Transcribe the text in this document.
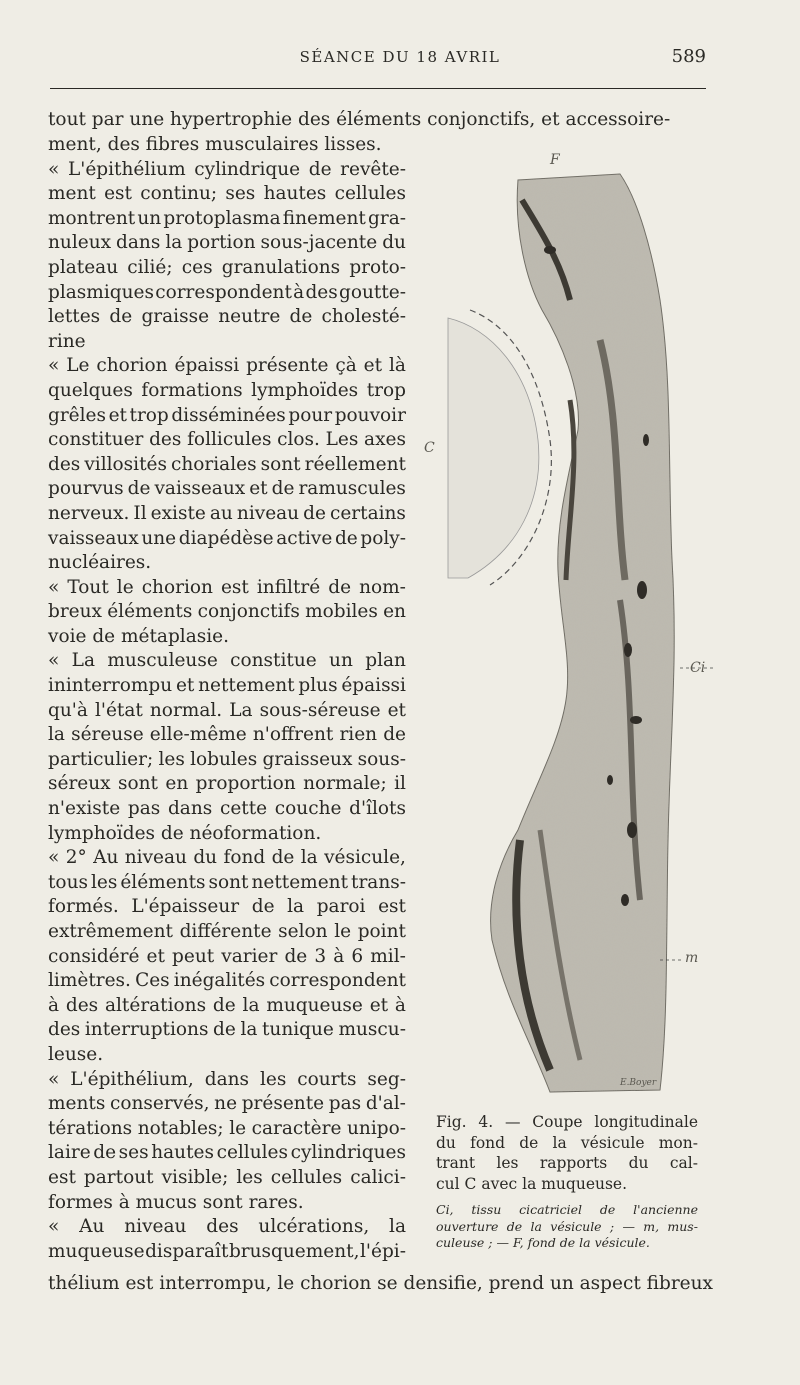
SÉANCE DU 18 AVRIL	589
tout par une hypertrophie des éléments conjonctifs, et accessoire-
ment, des fibres musculaires lisses.
« L'épithélium cylindrique de revête-
ment est continu; ses hautes cellules
montrent un protoplasma finement gra-
nuleux dans la portion sous-jacente du
plateau cilié; ces granulations proto-
plasmiques correspondent à des goutte-
lettes de graisse neutre de cholesté-
rine
« Le chorion épaissi présente çà et là
quelques formations lymphoïdes trop
grêles et trop disséminées pour pouvoir
constituer des follicules clos. Les axes
des villosités choriales sont réellement
pourvus de vaisseaux et de ramuscules
nerveux. Il existe au niveau de certains
vaisseaux une diapédèse active de poly-
nucléaires.
« Tout le chorion est infiltré de nom-
breux éléments conjonctifs mobiles en
voie de métaplasie.
« La musculeuse constitue un plan
ininterrompu et nettement plus épaissi
qu'à l'état normal. La sous-séreuse et
la séreuse elle-même n'offrent rien de
particulier; les lobules graisseux sous-
séreux sont en proportion normale; il
n'existe pas dans cette couche d'îlots
lymphoïdes de néoformation.
« 2° Au niveau du fond de la vésicule,
tous les éléments sont nettement trans-
formés. L'épaisseur de la paroi est
extrêmement différente selon le point
considéré et peut varier de 3 à 6 mil-
limètres. Ces inégalités correspondent
à des altérations de la muqueuse et à
des interruptions de la tunique muscu-
leuse.
« L'épithélium, dans les courts seg-
ments conservés, ne présente pas d'al-
térations notables; le caractère unipo-
laire de ses hautes cellules cylindriques
est partout visible; les cellules calici-
formes à mucus sont rares.
« Au niveau des ulcérations, la
muqueuse disparaît brusquement, l'épi-
F
C
Ci
m
E.Boyer
Fig. 4. — Coupe longitudinale
du fond de la vésicule mon-
trant les rapports du cal-
cul C avec la muqueuse.
Ci, tissu cicatriciel de l'ancienne
ouverture de la vésicule ; — m, mus-
culeuse ; — F, fond de la vésicule.
thélium est interrompu, le chorion se densifie, prend un aspect fibreux
